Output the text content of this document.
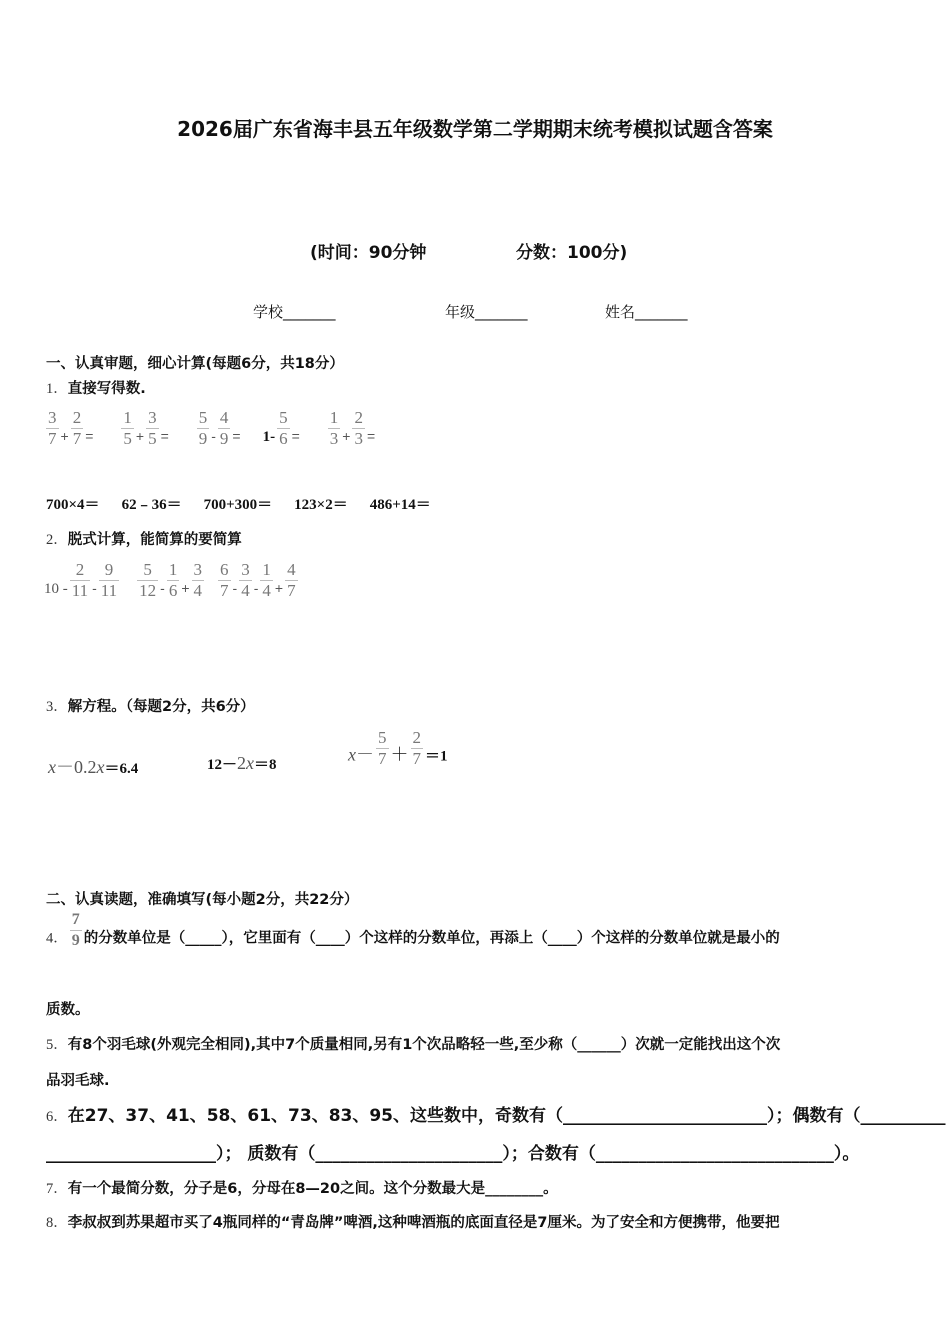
2026届广东省海丰县五年级数学第二学期期末统考模拟试题含答案
(时间：90分钟	分数：100分)
学校_______	年级_______	姓名_______
一、认真审题，细心计算(每题6分，共18分）
1．直接写得数.
$\frac{3}{7} + \frac{2}{7} = \frac{1}{5} + \frac{3}{5} = \frac{5}{9} - \frac{4}{9} = 1- \frac{5}{6} = \frac{1}{3} + \frac{2}{3}$ =
700×4＝ 62﹣36＝ 700+300＝ 123×2＝ 486+14＝
2．脱式计算，能简算的要简算
$10 - \frac{2}{11} - \frac{9}{11} \frac{5}{12} - \frac{1}{6} + \frac{3}{4} \frac{6}{7} - \frac{3}{4} - \frac{1}{4} + \frac{4}{7}$
3．解方程。（每题2分，共6分）
x－0.2x＝6.4	12－2x＝8
$x- \frac{5}{7} + \frac{2}{7} _{=1}$
二、认真读题，准确填写(每小题2分，共22分）
4． $\frac{7}{9}$ 的分数单位是（_____），它里面有（____）个这样的分数单位，再添上（____）个这样的分数单位就是最小的
质数。
5．有8个羽毛球(外观完全相同),其中7个质量相同,另有1个次品略轻一些,至少称（______）次就一定能找出这个次
品羽毛球.
6．在27、37、41、58、61、73、83、95、这些数中，奇数有（________________________）；偶数有（__________
____________________）； 质数有（______________________）；合数有（____________________________）。
7．有一个最简分数，分子是6，分母在8—20之间。这个分数最大是________。
8．李叔叔到苏果超市买了4瓶同样的“青岛牌”啤酒,这种啤酒瓶的底面直径是7厘米。为了安全和方便携带，他要把
